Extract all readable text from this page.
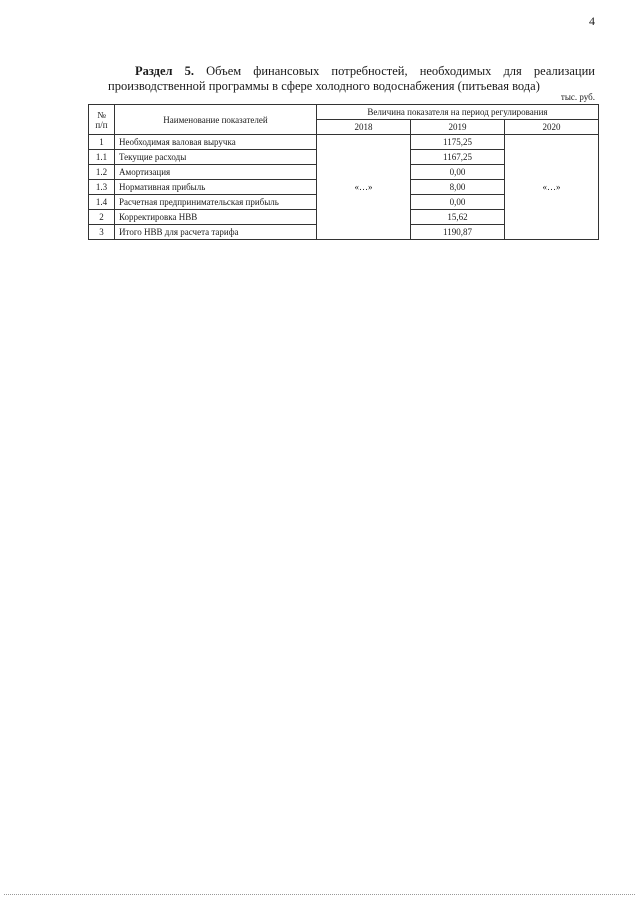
4
Раздел 5. Объем финансовых потребностей, необходимых для реализации производственной программы в сфере холодного водоснабжения (питьевая вода)
тыс. руб.
№ п/п	Наименование показателей	Величина показателя на период регулирования		
		2018	2019	2020
1	Необходимая валовая выручка	«…»	1175,25	«…»
1.1	Текущие расходы		1167,25	
1.2	Амортизация		0,00	
1.3	Нормативная прибыль		8,00	
1.4	Расчетная предпринимательская прибыль		0,00	
2	Корректировка НВВ		15,62	
3	Итого НВВ для расчета тарифа		1190,87	
